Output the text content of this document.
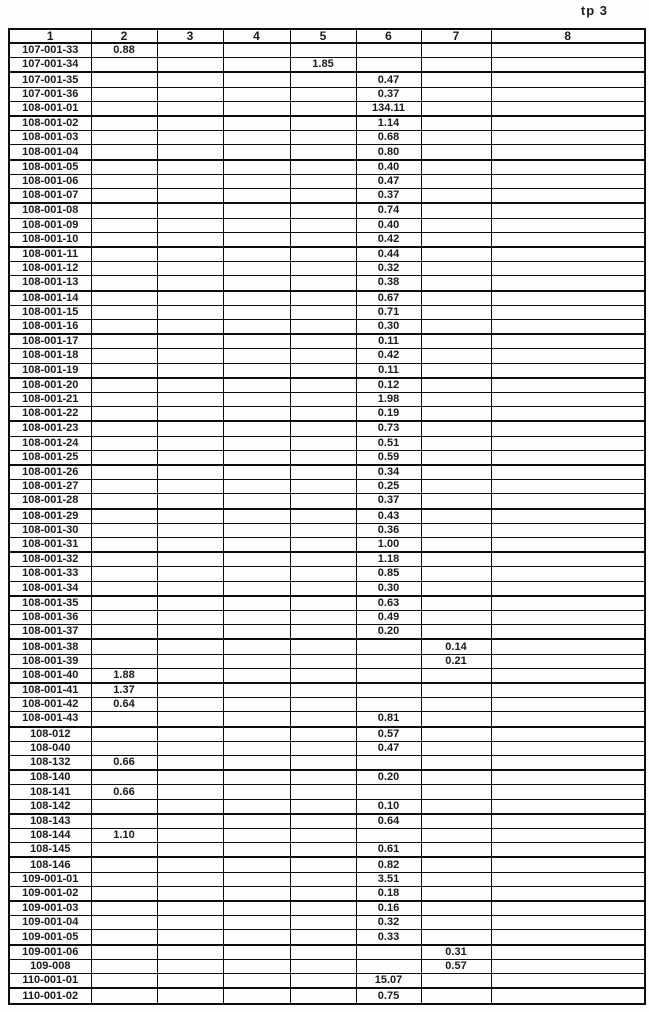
tp 3
1	2	3	4	5	6	7	8
107-001-33	0.88						
107-001-34				1.85			
107-001-35					0.47		
107-001-36					0.37		
108-001-01					134.11		
108-001-02					1.14		
108-001-03					0.68		
108-001-04					0.80		
108-001-05					0.40		
108-001-06					0.47		
108-001-07					0.37		
108-001-08					0.74		
108-001-09					0.40		
108-001-10					0.42		
108-001-11					0.44		
108-001-12					0.32		
108-001-13					0.38		
108-001-14					0.67		
108-001-15					0.71		
108-001-16					0.30		
108-001-17					0.11		
108-001-18					0.42		
108-001-19					0.11		
108-001-20					0.12		
108-001-21					1.98		
108-001-22					0.19		
108-001-23					0.73		
108-001-24					0.51		
108-001-25					0.59		
108-001-26					0.34		
108-001-27					0.25		
108-001-28					0.37		
108-001-29					0.43		
108-001-30					0.36		
108-001-31					1.00		
108-001-32					1.18		
108-001-33					0.85		
108-001-34					0.30		
108-001-35					0.63		
108-001-36					0.49		
108-001-37					0.20		
108-001-38						0.14	
108-001-39						0.21	
108-001-40	1.88						
108-001-41	1.37						
108-001-42	0.64						
108-001-43					0.81		
108-012					0.57		
108-040					0.47		
108-132	0.66						
108-140					0.20		
108-141	0.66						
108-142					0.10		
108-143					0.64		
108-144	1.10						
108-145					0.61		
108-146					0.82		
109-001-01					3.51		
109-001-02					0.18		
109-001-03					0.16		
109-001-04					0.32		
109-001-05					0.33		
109-001-06						0.31	
109-008						0.57	
110-001-01					15.07		
110-001-02					0.75		
